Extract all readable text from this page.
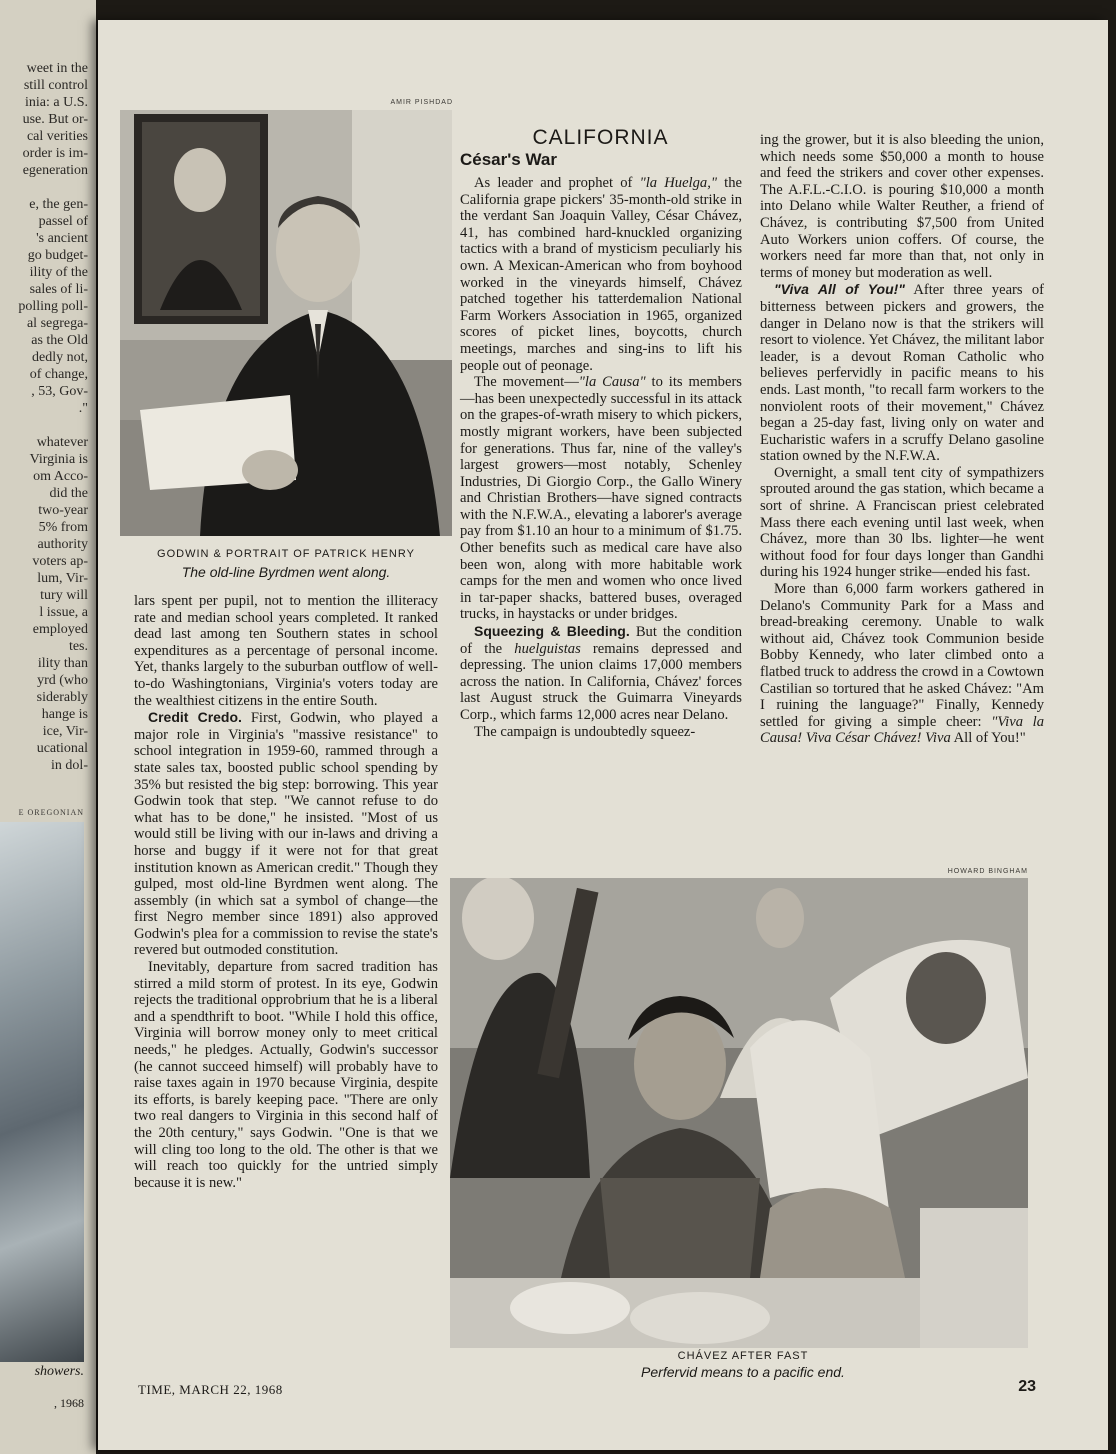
weet in the
still control
inia: a U.S.
use. But or-
cal verities
order is im-
egeneration
e, the gen-
passel of
's ancient
go budget-
ility of the
sales of li-
polling poll-
al segrega-
as the Old
dedly not,
of change,
, 53, Gov-
."
whatever
Virginia is
om Acco-
did the
two-year
5% from
authority
voters ap-
lum, Vir-
tury will
l issue, a
employed
tes.
ility than
yrd (who
siderably
hange is
ice, Vir-
ucational
in dol-
E OREGONIAN
showers.
, 1968
AMIR PISHDAD
GODWIN & PORTRAIT OF PATRICK HENRY
The old-line Byrdmen went along.

lars spent per pupil, not to mention the illiteracy rate and median school years completed. It ranked dead last among ten Southern states in school expenditures as a percentage of personal income. Yet, thanks largely to the suburban outflow of well-to-do Washingtonians, Virginia's voters today are the wealthiest citizens in the entire South.

Credit Credo. First, Godwin, who played a major role in Virginia's "massive resistance" to school integration in 1959-60, rammed through a state sales tax, boosted public school spending by 35% but resisted the big step: borrowing. This year Godwin took that step. "We cannot refuse to do what has to be done," he insisted. "Most of us would still be living with our in-laws and driving a horse and buggy if it were not for that great institution known as American credit." Though they gulped, most old-line Byrdmen went along. The assembly (in which sat a symbol of change—the first Negro member since 1891) also approved Godwin's plea for a commission to revise the state's revered but outmoded constitution.

Inevitably, departure from sacred tradition has stirred a mild storm of protest. In its eye, Godwin rejects the traditional opprobrium that he is a liberal and a spendthrift to boot. "While I hold this office, Virginia will borrow money only to meet critical needs," he pledges. Actually, Godwin's successor (he cannot succeed himself) will probably have to raise taxes again in 1970 because Virginia, despite its efforts, is barely keeping pace. "There are only two real dangers to Virginia in this second half of the 20th century," says Godwin. "One is that we will cling too long to the old. The other is that we will reach too quickly for the untried simply because it is new."

CALIFORNIA
César's War

As leader and prophet of "la Huelga," the California grape pickers' 35-month-old strike in the verdant San Joaquin Valley, César Chávez, 41, has combined hard-knuckled organizing tactics with a brand of mysticism peculiarly his own. A Mexican-American who from boyhood worked in the vineyards himself, Chávez patched together his tatterdemalion National Farm Workers Association in 1965, organized scores of picket lines, boycotts, church meetings, marches and sing-ins to lift his people out of peonage.

The movement—"la Causa" to its members—has been unexpectedly successful in its attack on the grapes-of-wrath misery to which pickers, mostly migrant workers, have been subjected for generations. Thus far, nine of the valley's largest growers—most notably, Schenley Industries, Di Giorgio Corp., the Gallo Winery and Christian Brothers—have signed contracts with the N.F.W.A., elevating a laborer's average pay from $1.10 an hour to a minimum of $1.75. Other benefits such as medical care have also been won, along with more habitable work camps for the men and women who once lived in tar-paper shacks, battered buses, overaged trucks, in haystacks or under bridges.

Squeezing & Bleeding. But the condition of the huelguistas remains depressed and depressing. The union claims 17,000 members across the nation. In California, Chávez' forces last August struck the Guimarra Vineyards Corp., which farms 12,000 acres near Delano.

The campaign is undoubtedly squeez-

ing the grower, but it is also bleeding the union, which needs some $50,000 a month to house and feed the strikers and cover other expenses. The A.F.L.-C.I.O. is pouring $10,000 a month into Delano while Walter Reuther, a friend of Chávez, is contributing $7,500 from United Auto Workers union coffers. Of course, the workers need far more than that, not only in terms of money but moderation as well.

"Viva All of You!" After three years of bitterness between pickers and growers, the danger in Delano now is that the strikers will resort to violence. Yet Chávez, the militant labor leader, is a devout Roman Catholic who believes perfervidly in pacific means to his ends. Last month, "to recall farm workers to the nonviolent roots of their movement," Chávez began a 25-day fast, living only on water and Eucharistic wafers in a scruffy Delano gasoline station owned by the N.F.W.A.

Overnight, a small tent city of sympathizers sprouted around the gas station, which became a sort of shrine. A Franciscan priest celebrated Mass there each evening until last week, when Chávez, more than 30 lbs. lighter—he went without food for four days longer than Gandhi during his 1924 hunger strike—ended his fast.

More than 6,000 farm workers gathered in Delano's Community Park for a Mass and bread-breaking ceremony. Unable to walk without aid, Chávez took Communion beside Bobby Kennedy, who later climbed onto a flatbed truck to address the crowd in a Cowtown Castilian so tortured that he asked Chávez: "Am I ruining the language?" Finally, Kennedy settled for giving a simple cheer: "Viva la Causa! Viva César Chávez! Viva All of You!"

HOWARD BINGHAM
CHÁVEZ AFTER FAST
Perfervid means to a pacific end.
TIME, MARCH 22, 1968	23
